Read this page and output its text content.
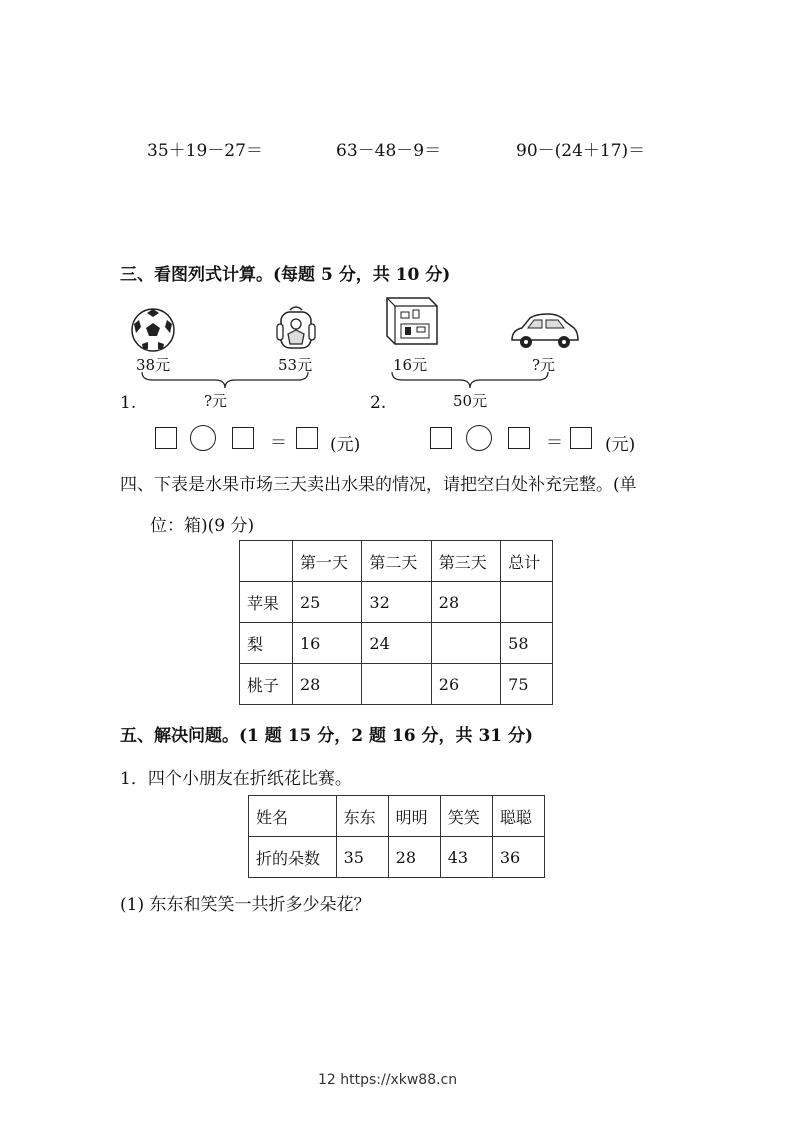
35＋19－27＝	63－48－9＝	90－(24＋17)＝
三、看图列式计算。(每题 5 分，共 10 分)
38元	53元
?元
1.
16元	?元
50元
2.
＝	(元)	＝ (元)
四、下表是水果市场三天卖出水果的情况，请把空白处补充完整。(单
位：箱)(9 分)
	第一天	第二天	第三天	总计
苹果	25	32	28	
梨	16	24		58
桃子	28		26	75
五、解决问题。(1 题 15 分，2 题 16 分，共 31 分)
1．四个小朋友在折纸花比赛。
姓名	东东	明明	笑笑	聪聪
折的朵数	35	28	43	36
(1) 东东和笑笑一共折多少朵花？
12 https://xkw88.cn
